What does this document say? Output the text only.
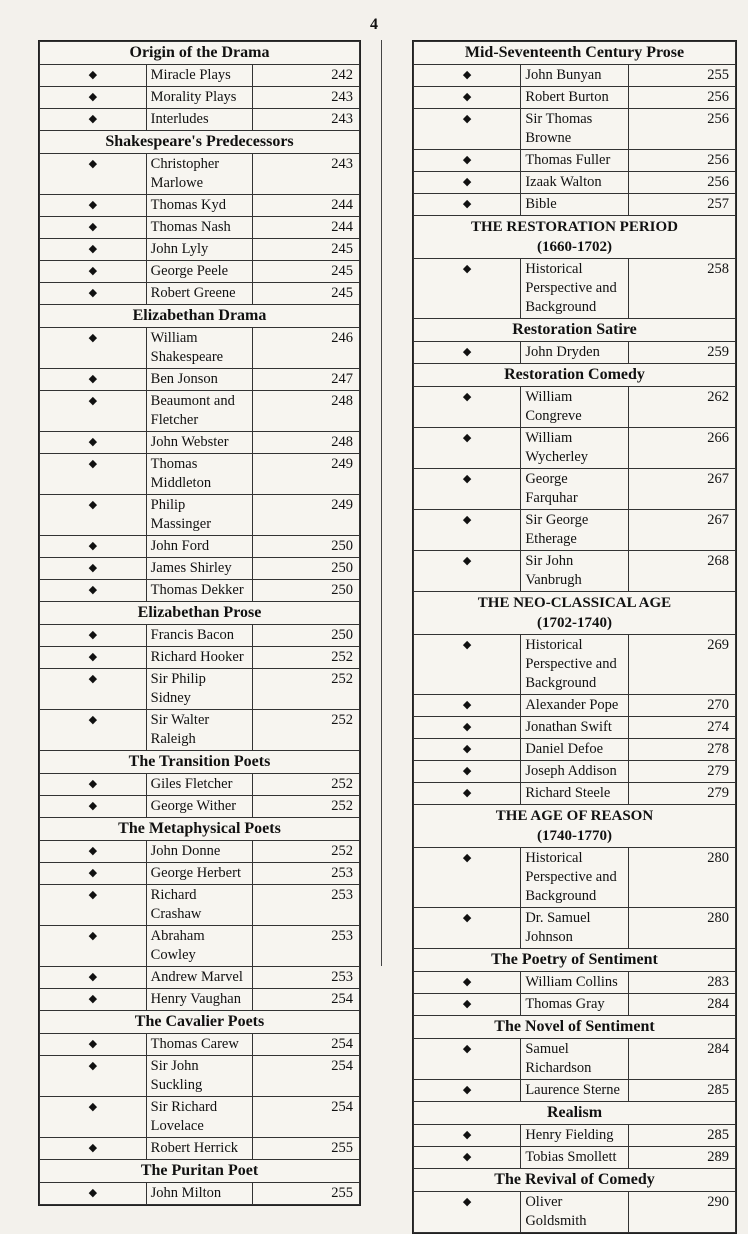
4
Origin of the Drama		
◆	Miracle Plays	242
◆	Morality Plays	243
◆	Interludes	243
Shakespeare's Predecessors		
◆	Christopher Marlowe	243
◆	Thomas Kyd	244
◆	Thomas Nash	244
◆	John Lyly	245
◆	George Peele	245
◆	Robert Greene	245
Elizabethan Drama		
◆	William Shakespeare	246
◆	Ben Jonson	247
◆	Beaumont and Fletcher	248
◆	John Webster	248
◆	Thomas Middleton	249
◆	Philip Massinger	249
◆	John Ford	250
◆	James Shirley	250
◆	Thomas Dekker	250
Elizabethan Prose		
◆	Francis Bacon	250
◆	Richard Hooker	252
◆	Sir Philip Sidney	252
◆	Sir Walter Raleigh	252
The Transition Poets		
◆	Giles Fletcher	252
◆	George Wither	252
The Metaphysical Poets		
◆	John Donne	252
◆	George Herbert	253
◆	Richard Crashaw	253
◆	Abraham Cowley	253
◆	Andrew Marvel	253
◆	Henry Vaughan	254
The Cavalier Poets		
◆	Thomas Carew	254
◆	Sir John Suckling	254
◆	Sir Richard Lovelace	254
◆	Robert Herrick	255
The Puritan Poet		
◆	John Milton	255
Mid-Seventeenth Century Prose		
◆	John Bunyan	255
◆	Robert Burton	256
◆	Sir Thomas Browne	256
◆	Thomas Fuller	256
◆	Izaak Walton	256
◆	Bible	257
THE RESTORATION PERIOD
(1660-1702)		

◆	Historical Perspective and
Background	258
Restoration Satire		
◆	John Dryden	259
Restoration Comedy		
◆	William Congreve	262
◆	William Wycherley	266
◆	George Farquhar	267
◆	Sir George Etherage	267
◆	Sir John Vanbrugh	268
THE NEO-CLASSICAL AGE
(1702-1740)		

◆	Historical Perspective and
Background	269
◆	Alexander Pope	270
◆	Jonathan Swift	274
◆	Daniel Defoe	278
◆	Joseph Addison	279
◆	Richard Steele	279
THE AGE OF REASON
(1740-1770)		

◆	Historical Perspective and
Background	280
◆	Dr. Samuel Johnson	280
The Poetry of Sentiment		
◆	William Collins	283
◆	Thomas Gray	284
The Novel of Sentiment		
◆	Samuel Richardson	284
◆	Laurence Sterne	285
Realism		
◆	Henry Fielding	285
◆	Tobias Smollett	289
The Revival of Comedy		
◆	Oliver Goldsmith	290
